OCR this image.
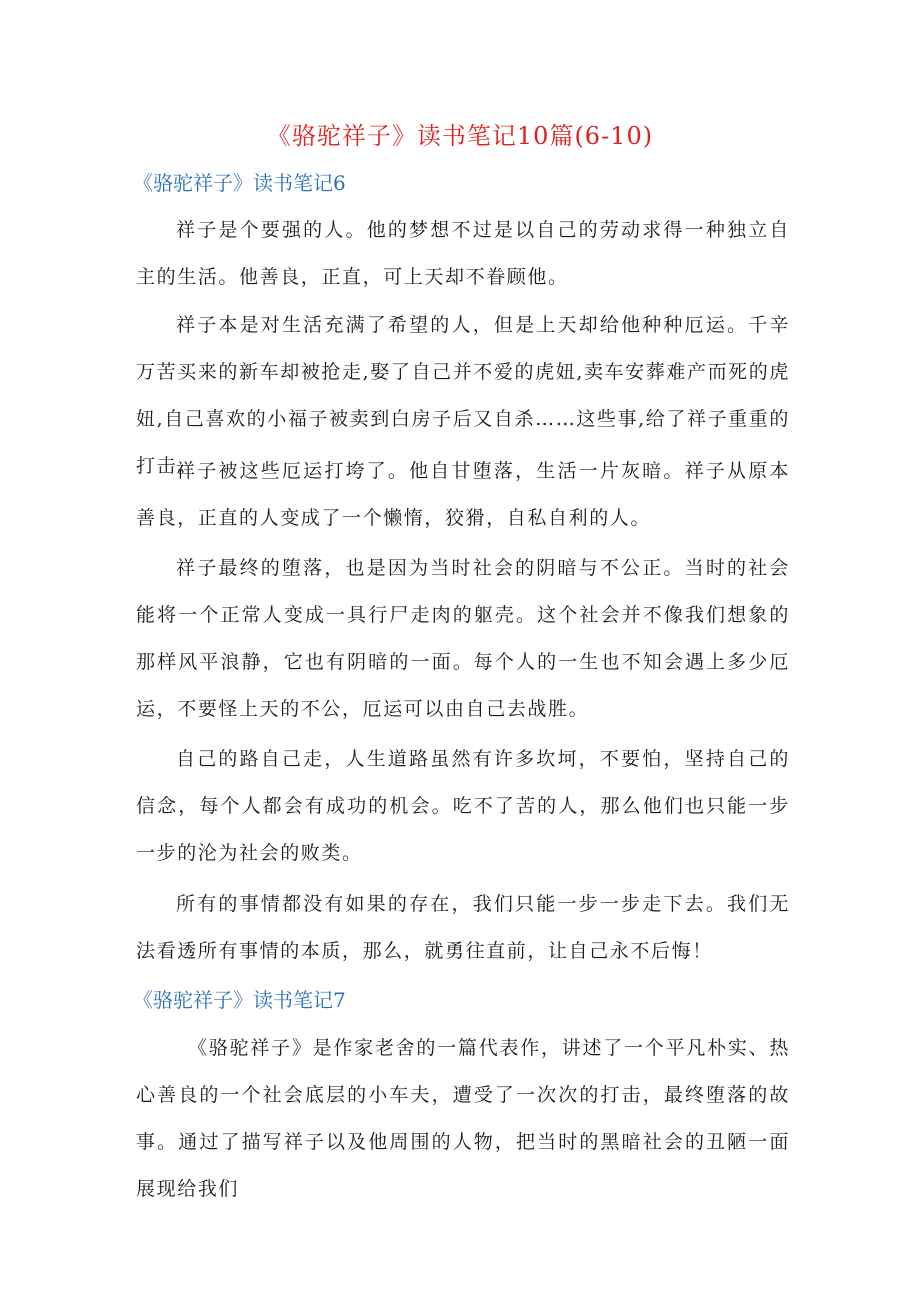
《骆驼祥子》读书笔记10篇(6-10)
《骆驼祥子》读书笔记6

祥子是个要强的人。他的梦想不过是以自己的劳动求得一种独立自主的生活。他善良，正直，可上天却不眷顾他。

祥子本是对生活充满了希望的人，但是上天却给他种种厄运。千辛万苦买来的新车却被抢走,娶了自己并不爱的虎妞,卖车安葬难产而死的虎妞,自己喜欢的小福子被卖到白房子后又自杀……这些事,给了祥子重重的打击。

祥子被这些厄运打垮了。他自甘堕落，生活一片灰暗。祥子从原本善良，正直的人变成了一个懒惰，狡猾，自私自利的人。

祥子最终的堕落，也是因为当时社会的阴暗与不公正。当时的社会能将一个正常人变成一具行尸走肉的躯壳。这个社会并不像我们想象的那样风平浪静，它也有阴暗的一面。每个人的一生也不知会遇上多少厄运，不要怪上天的不公，厄运可以由自己去战胜。

自己的路自己走，人生道路虽然有许多坎坷，不要怕，坚持自己的信念，每个人都会有成功的机会。吃不了苦的人，那么他们也只能一步一步的沦为社会的败类。

所有的事情都没有如果的存在，我们只能一步一步走下去。我们无法看透所有事情的本质，那么，就勇往直前，让自己永不后悔！

《骆驼祥子》读书笔记7

《骆驼祥子》是作家老舍的一篇代表作，讲述了一个平凡朴实、热心善良的一个社会底层的小车夫，遭受了一次次的打击，最终堕落的故事。通过了描写祥子以及他周围的人物，把当时的黑暗社会的丑陋一面展现给我们
